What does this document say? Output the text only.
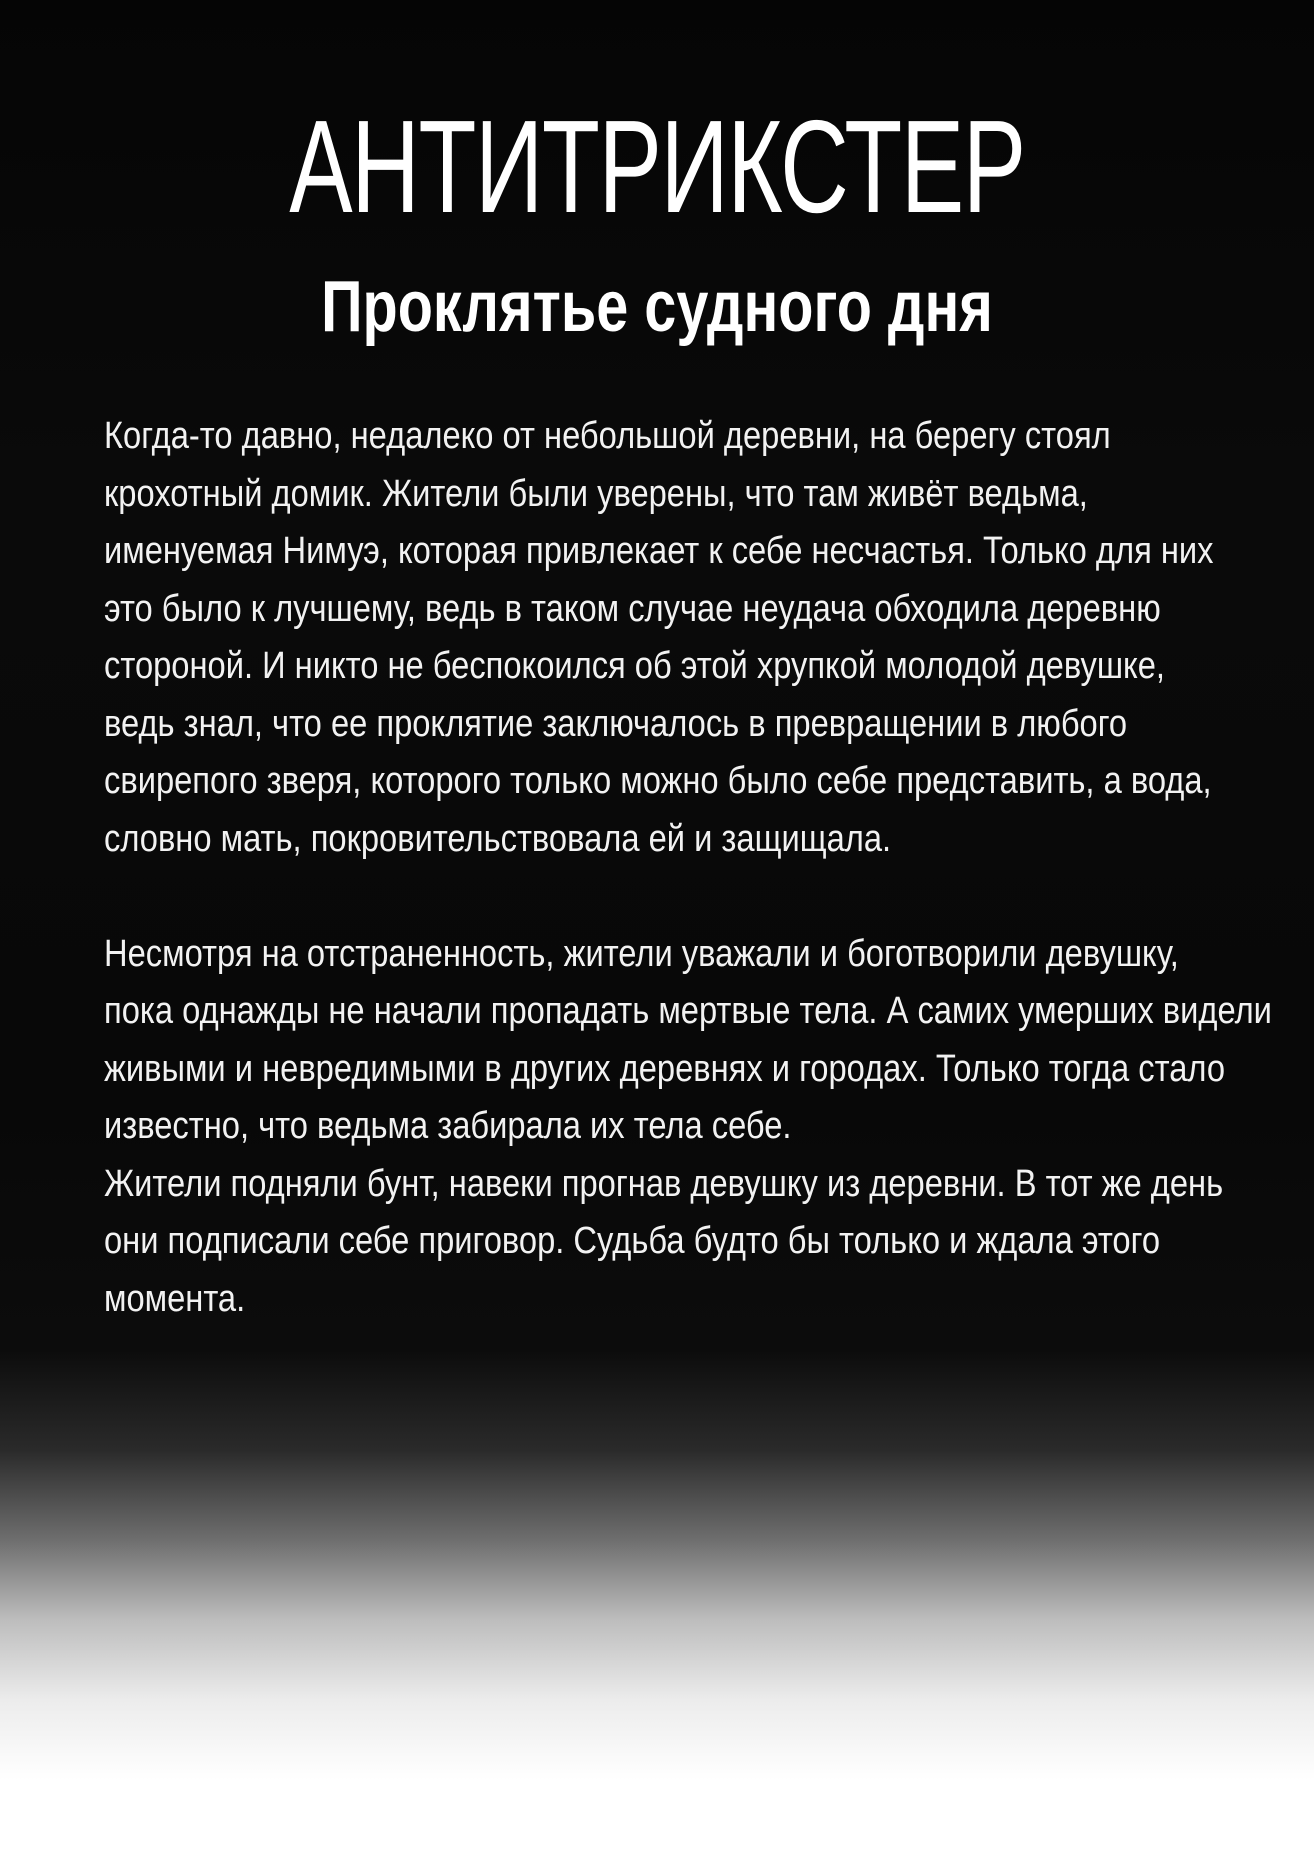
АНТИТРИКСТЕР
Проклятье судного дня
Когда-то давно, недалеко от небольшой деревни, на берегу стоял
крохотный домик. Жители были уверены, что там живёт ведьма,
именуемая Нимуэ, которая привлекает к себе несчастья. Только для них
это было к лучшему, ведь в таком случае неудача обходила деревню
стороной. И никто не беспокоился об этой хрупкой молодой девушке,
ведь знал, что ее проклятие заключалось в превращении в любого
свирепого зверя, которого только можно было себе представить, а вода,
словно мать, покровительствовала ей и защищала.
Несмотря на отстраненность, жители уважали и боготворили девушку,
пока однажды не начали пропадать мертвые тела. А самих умерших видели
живыми и невредимыми в других деревнях и городах. Только тогда стало
известно, что ведьма забирала их тела себе.
Жители подняли бунт, навеки прогнав девушку из деревни. В тот же день
они подписали себе приговор. Судьба будто бы только и ждала этого
момента.
